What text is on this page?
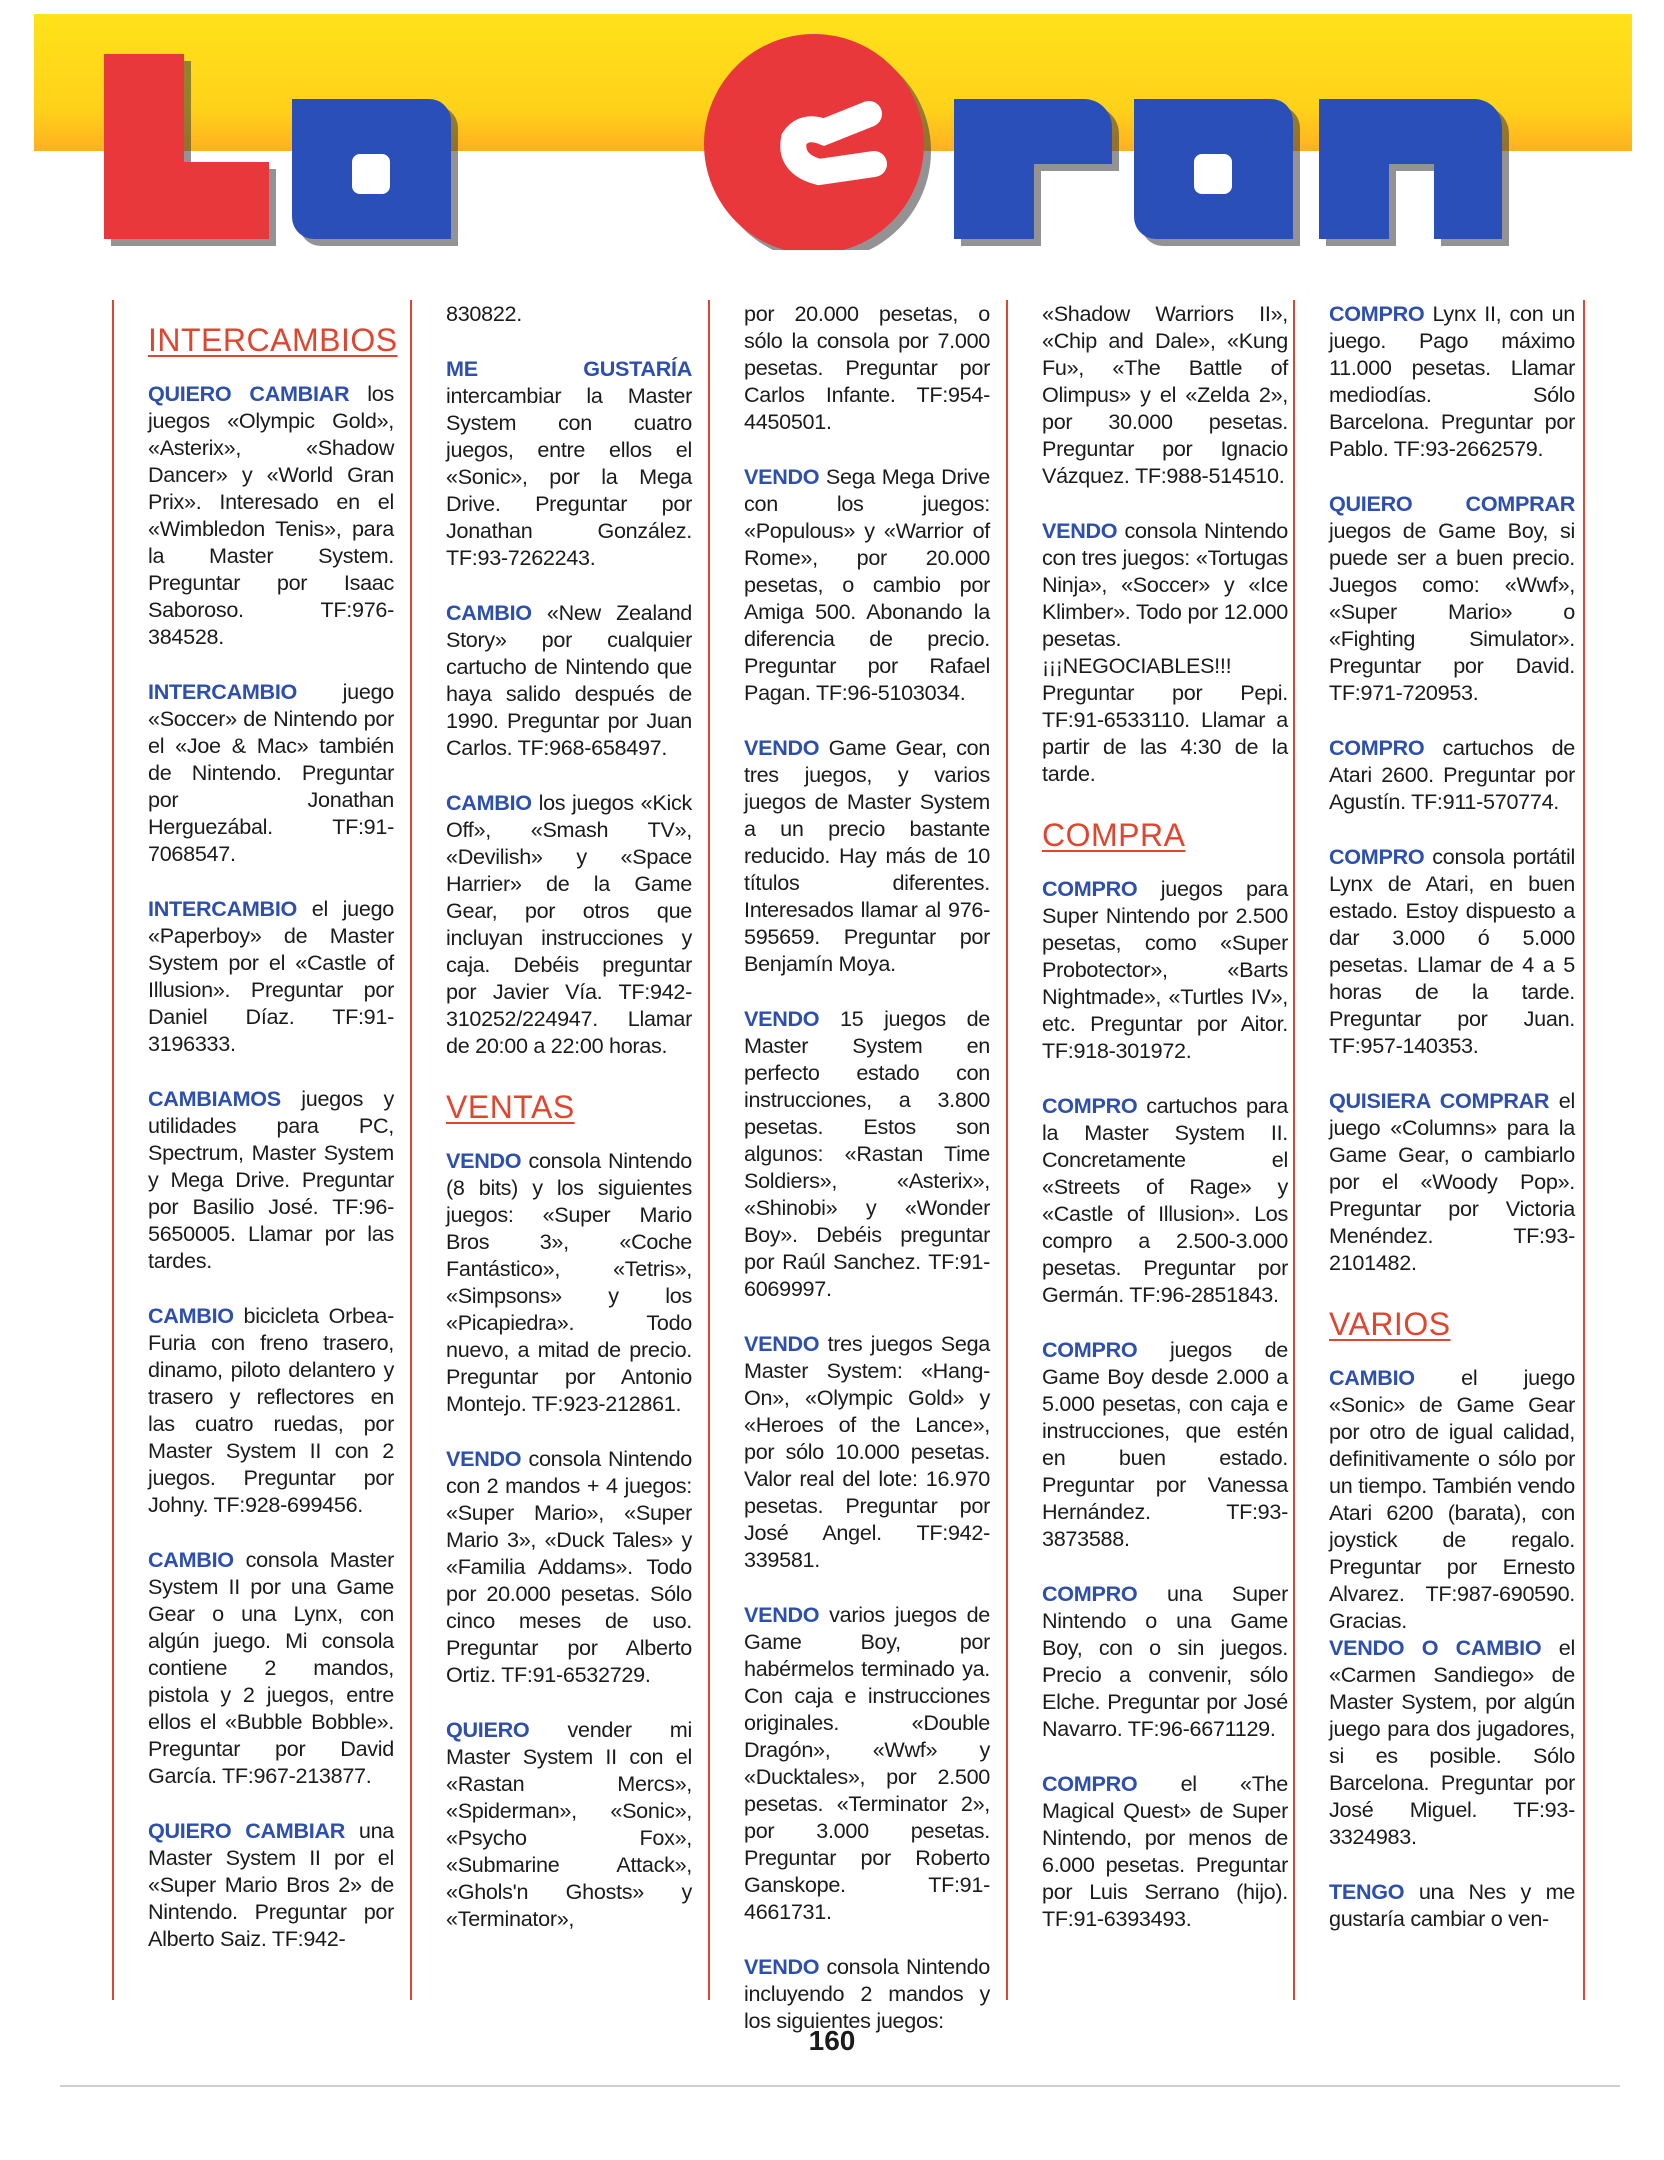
INTERCAMBIOS

QUIERO CAMBIAR los juegos «Olympic Gold», «Asterix», «Shadow Dancer» y «World Gran Prix». Interesado en el «Wimbledon Tenis», para la Master System. Preguntar por Isaac Saboroso. TF:976-384528.

INTERCAMBIO juego «Soccer» de Nintendo por el «Joe & Mac» también de Nintendo. Preguntar por Jonathan Herguezábal. TF:91-7068547.

INTERCAMBIO el juego «Paperboy» de Master System por el «Castle of Illusion». Preguntar por Daniel Díaz. TF:91-3196333.

CAMBIAMOS juegos y utilidades para PC, Spectrum, Master System y Mega Drive. Preguntar por Basilio José. TF:96-5650005. Llamar por las tardes.

CAMBIO bicicleta Orbea-Furia con freno trasero, dinamo, piloto delantero y trasero y reflectores en las cuatro ruedas, por Master System II con 2 juegos. Preguntar por Johny. TF:928-699456.

CAMBIO consola Master System II por una Game Gear o una Lynx, con algún juego. Mi consola contiene 2 mandos, pistola y 2 juegos, entre ellos el «Bubble Bobble». Preguntar por David García. TF:967-213877.

QUIERO CAMBIAR una Master System II por el «Super Mario Bros 2» de Nintendo. Preguntar por Alberto Saiz. TF:942-

830822.

ME GUSTARÍA intercambiar la Master System con cuatro juegos, entre ellos el «Sonic», por la Mega Drive. Preguntar por Jonathan González. TF:93-7262243.

CAMBIO «New Zealand Story» por cualquier cartucho de Nintendo que haya salido después de 1990. Preguntar por Juan Carlos. TF:968-658497.

CAMBIO los juegos «Kick Off», «Smash TV», «Devilish» y «Space Harrier» de la Game Gear, por otros que incluyan instrucciones y caja. Debéis preguntar por Javier Vía. TF:942-310252/224947. Llamar de 20:00 a 22:00 horas.

VENTAS

VENDO consola Nintendo (8 bits) y los siguientes juegos: «Super Mario Bros 3», «Coche Fantástico», «Tetris», «Simpsons» y los «Picapiedra». Todo nuevo, a mitad de precio. Preguntar por Antonio Montejo. TF:923-212861.

VENDO consola Nintendo con 2 mandos + 4 juegos: «Super Mario», «Super Mario 3», «Duck Tales» y «Familia Addams». Todo por 20.000 pesetas. Sólo cinco meses de uso. Preguntar por Alberto Ortiz. TF:91-6532729.

QUIERO vender mi Master System II con el «Rastan Mercs», «Spiderman», «Sonic», «Psycho Fox», «Submarine Attack», «Ghols'n Ghosts» y «Terminator»,

por 20.000 pesetas, o sólo la consola por 7.000 pesetas. Preguntar por Carlos Infante. TF:954-4450501.

VENDO Sega Mega Drive con los juegos: «Populous» y «Warrior of Rome», por 20.000 pesetas, o cambio por Amiga 500. Abonando la diferencia de precio. Preguntar por Rafael Pagan. TF:96-5103034.

VENDO Game Gear, con tres juegos, y varios juegos de Master System a un precio bastante reducido. Hay más de 10 títulos diferentes. Interesados llamar al 976-595659. Preguntar por Benjamín Moya.

VENDO 15 juegos de Master System en perfecto estado con instrucciones, a 3.800 pesetas. Estos son algunos: «Rastan Time Soldiers», «Asterix», «Shinobi» y «Wonder Boy». Debéis preguntar por Raúl Sanchez. TF:91-6069997.

VENDO tres juegos Sega Master System: «Hang-On», «Olympic Gold» y «Heroes of the Lance», por sólo 10.000 pesetas. Valor real del lote: 16.970 pesetas. Preguntar por José Angel. TF:942-339581.

VENDO varios juegos de Game Boy, por habérmelos terminado ya. Con caja e instrucciones originales. «Double Dragón», «Wwf» y «Ducktales», por 2.500 pesetas. «Terminator 2», por 3.000 pesetas. Preguntar por Roberto Ganskope. TF:91-4661731.

VENDO consola Nintendo incluyendo 2 mandos y los siguientes juegos:

«Shadow Warriors II», «Chip and Dale», «Kung Fu», «The Battle of Olimpus» y el «Zelda 2», por 30.000 pesetas. Preguntar por Ignacio Vázquez. TF:988-514510.

VENDO consola Nintendo con tres juegos: «Tortugas Ninja», «Soccer» y «Ice Klimber». Todo por 12.000 pesetas. ¡¡¡NEGOCIABLES!!! Preguntar por Pepi. TF:91-6533110. Llamar a partir de las 4:30 de la tarde.

COMPRA

COMPRO juegos para Super Nintendo por 2.500 pesetas, como «Super Probotector», «Barts Nightmade», «Turtles IV», etc. Preguntar por Aitor. TF:918-301972.

COMPRO cartuchos para la Master System II. Concretamente el «Streets of Rage» y «Castle of Illusion». Los compro a 2.500-3.000 pesetas. Preguntar por Germán. TF:96-2851843.

COMPRO juegos de Game Boy desde 2.000 a 5.000 pesetas, con caja e instrucciones, que estén en buen estado. Preguntar por Vanessa Hernández. TF:93-3873588.

COMPRO una Super Nintendo o una Game Boy, con o sin juegos. Precio a convenir, sólo Elche. Preguntar por José Navarro. TF:96-6671129.

COMPRO el «The Magical Quest» de Super Nintendo, por menos de 6.000 pesetas. Preguntar por Luis Serrano (hijo). TF:91-6393493.

COMPRO Lynx II, con un juego. Pago máximo 11.000 pesetas. Llamar mediodías. Sólo Barcelona. Preguntar por Pablo. TF:93-2662579.

QUIERO COMPRAR juegos de Game Boy, si puede ser a buen precio. Juegos como: «Wwf», «Super Mario» o «Fighting Simulator». Preguntar por David. TF:971-720953.

COMPRO cartuchos de Atari 2600. Preguntar por Agustín. TF:911-570774.

COMPRO consola portátil Lynx de Atari, en buen estado. Estoy dispuesto a dar 3.000 ó 5.000 pesetas. Llamar de 4 a 5 horas de la tarde. Preguntar por Juan. TF:957-140353.

QUISIERA COMPRAR el juego «Columns» para la Game Gear, o cambiarlo por el «Woody Pop». Preguntar por Victoria Menéndez. TF:93-2101482.

VARIOS

CAMBIO el juego «Sonic» de Game Gear por otro de igual calidad, definitivamente o sólo por un tiempo. También vendo Atari 6200 (barata), con joystick de regalo. Preguntar por Ernesto Alvarez. TF:987-690590. Gracias.

VENDO O CAMBIO el «Carmen Sandiego» de Master System, por algún juego para dos jugadores, si es posible. Sólo Barcelona. Preguntar por José Miguel. TF:93-3324983.

TENGO una Nes y me gustaría cambiar o ven-

160
